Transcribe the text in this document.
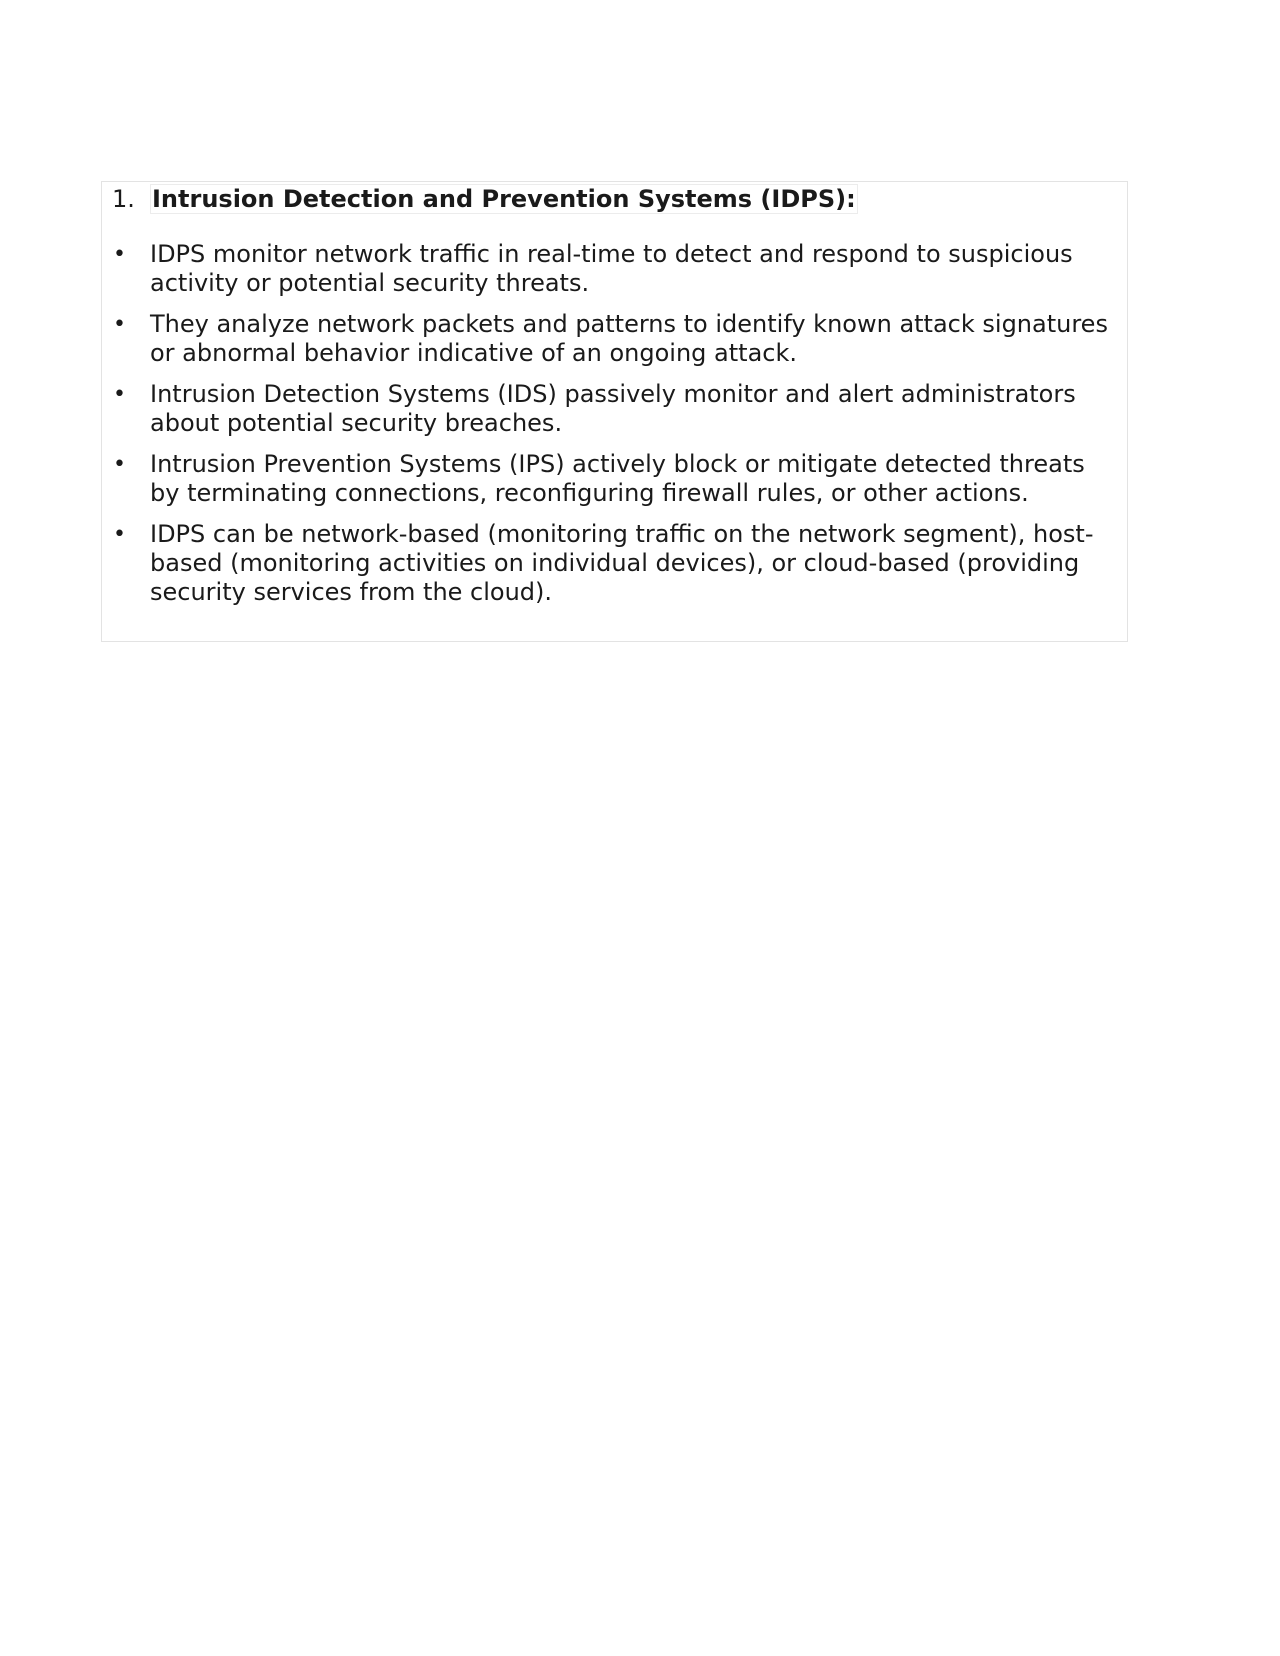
1. Intrusion Detection and Prevention Systems (IDPS):
• IDPS monitor network traffic in real-time to detect and respond to suspicious activity or potential security threats.
• They analyze network packets and patterns to identify known attack signatures or abnormal behavior indicative of an ongoing attack.
• Intrusion Detection Systems (IDS) passively monitor and alert administrators about potential security breaches.
• Intrusion Prevention Systems (IPS) actively block or mitigate detected threats by terminating connections, reconfiguring firewall rules, or other actions.
• IDPS can be network-based (monitoring traffic on the network segment), host-based (monitoring activities on individual devices), or cloud-based (providing security services from the cloud).
